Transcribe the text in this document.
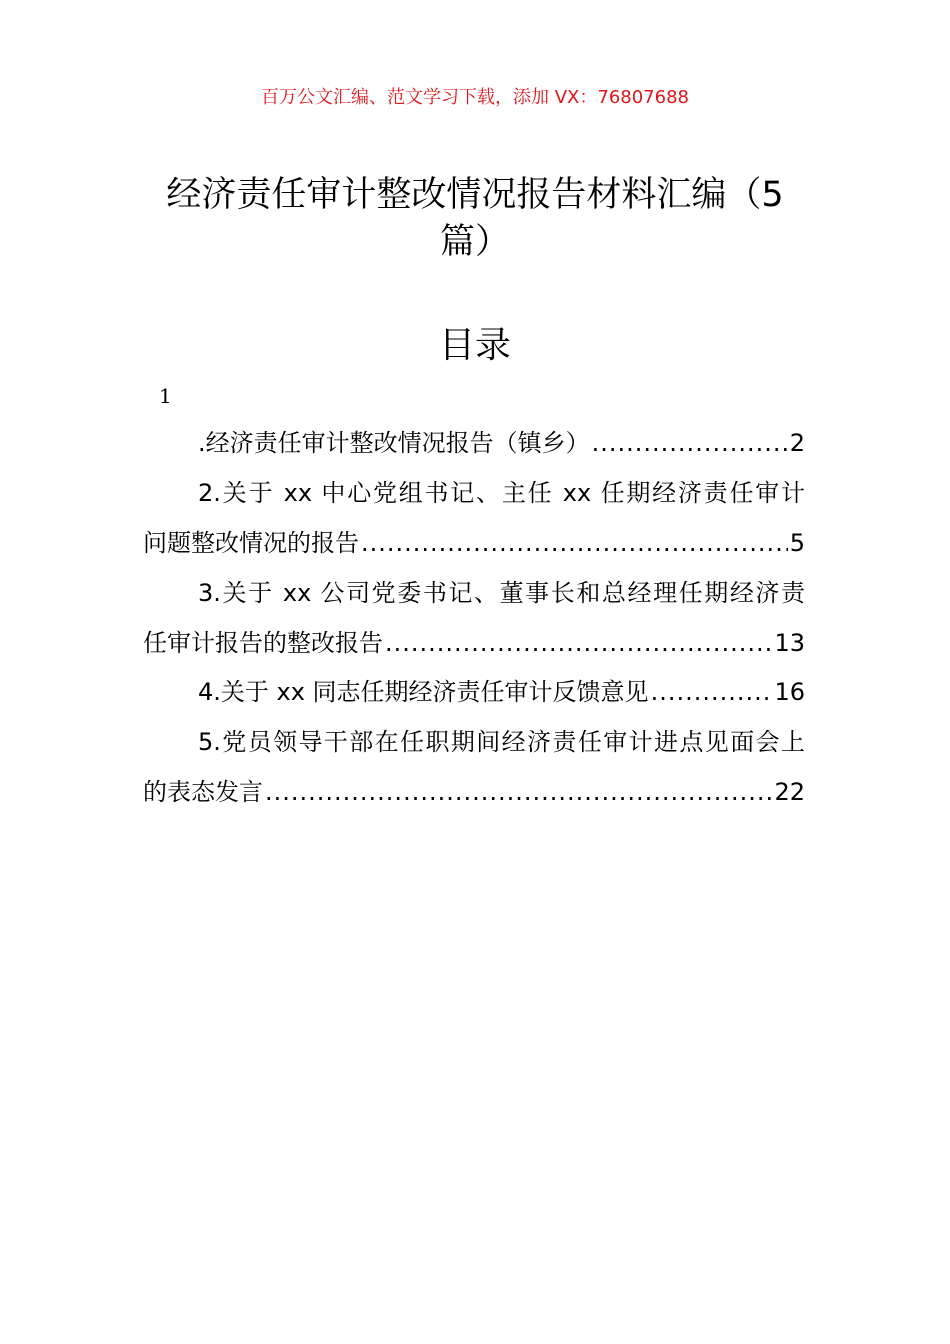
百万公文汇编、范文学习下载，添加 VX：76807688
经济责任审计整改情况报告材料汇编（5
篇）
目录
1
.经济责任审计整改情况报告（镇乡） .....	2
2.关于 xx 中心党组书记、主任 xx 任期经济责任审计
问题整改情况的报告 .....	5
3.关于 xx 公司党委书记、董事长和总经理任期经济责
任审计报告的整改报告 .....	13
4.关于 xx 同志任期经济责任审计反馈意见 .....	16
5.党员领导干部在任职期间经济责任审计进点见面会上
的表态发言 .....	22
